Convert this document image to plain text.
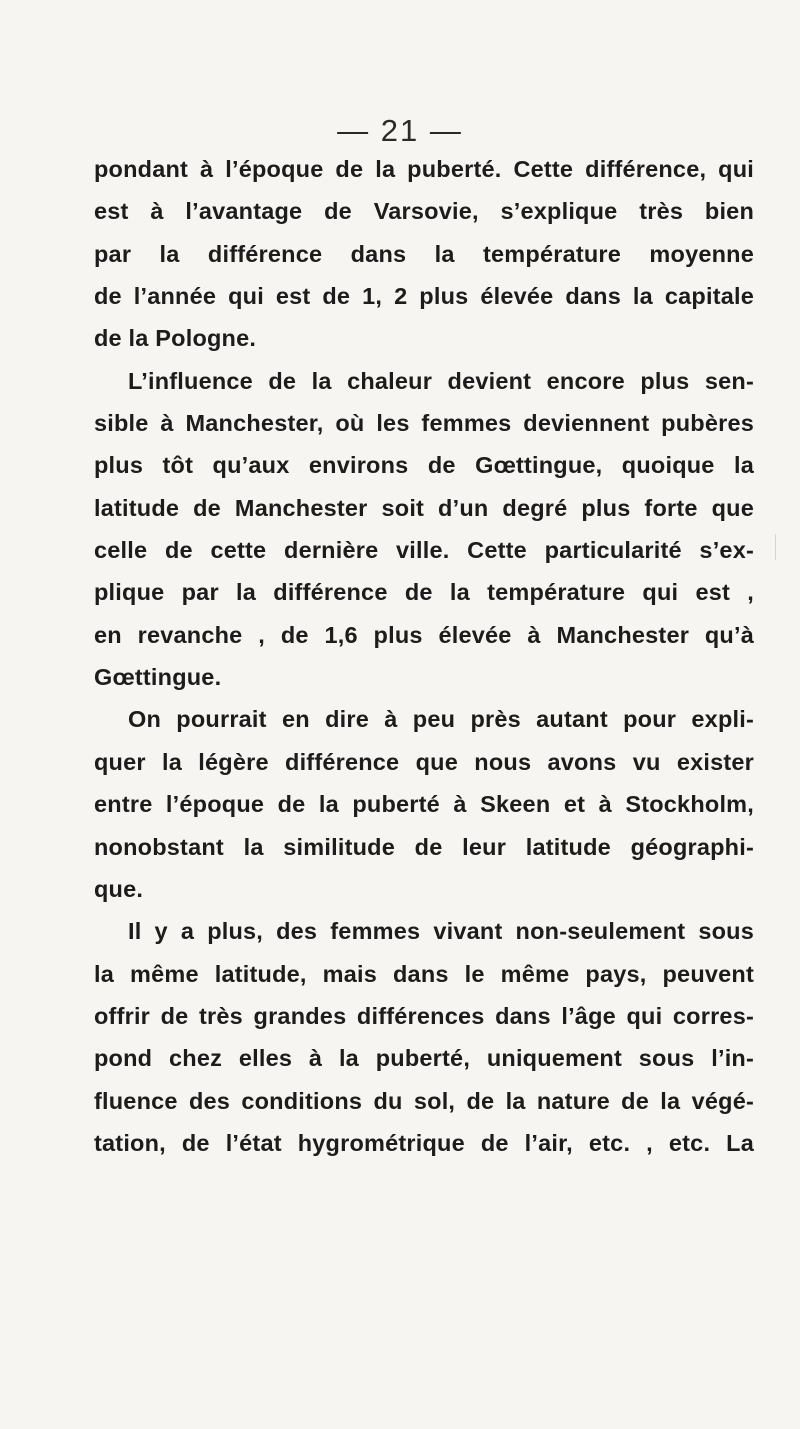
— 21 —
pondant à l’époque de la puberté. Cette différence, qui
est à l’avantage de Varsovie, s’explique très bien
par la différence dans la température moyenne
de l’année qui est de 1, 2 plus élevée dans la capitale
de la Pologne.
L’influence de la chaleur devient encore plus sen-
sible à Manchester, où les femmes deviennent pubères
plus tôt qu’aux environs de Gœttingue, quoique la
latitude de Manchester soit d’un degré plus forte que
celle de cette dernière ville. Cette particularité s’ex-
plique par la différence de la température qui est ,
en revanche , de 1,6 plus élevée à Manchester qu’à
Gœttingue.
On pourrait en dire à peu près autant pour expli-
quer la légère différence que nous avons vu exister
entre l’époque de la puberté à Skeen et à Stockholm,
nonobstant la similitude de leur latitude géographi-
que.
Il y a plus, des femmes vivant non-seulement sous
la même latitude, mais dans le même pays, peuvent
offrir de très grandes différences dans l’âge qui corres-
pond chez elles à la puberté, uniquement sous l’in-
fluence des conditions du sol, de la nature de la végé-
tation, de l’état hygrométrique de l’air, etc. , etc. La
